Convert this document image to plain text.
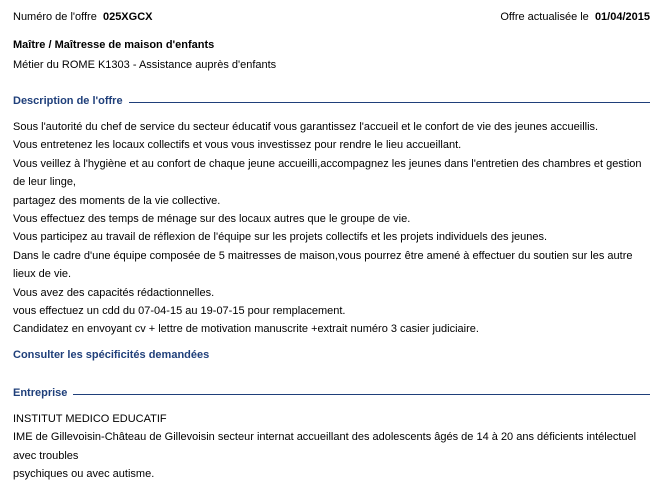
Numéro de l'offre 025XGCX	Offre actualisée le 01/04/2015
Maître / Maîtresse de maison d'enfants
Métier du ROME K1303 - Assistance auprès d'enfants
Description de l'offre
Sous l'autorité du chef de service du secteur éducatif vous garantissez l'accueil et le confort de vie des jeunes accueillis.
Vous entretenez les locaux collectifs et vous vous investissez pour rendre le lieu accueillant.
Vous veillez à l'hygiène et au confort de chaque jeune accueilli,accompagnez les jeunes dans l'entretien des chambres et gestion
de leur linge,
partagez des moments de la vie collective.
Vous effectuez des temps de ménage sur des locaux autres que le groupe de vie.
Vous participez au travail de réflexion de l'équipe sur les projets collectifs et les projets individuels des jeunes.
Dans le cadre d'une équipe composée de 5 maitresses de maison,vous pourrez être amené à effectuer du soutien sur les autre
lieux de vie.
Vous avez des capacités rédactionnelles.
vous effectuez un cdd du 07-04-15 au 19-07-15 pour remplacement.
Candidatez en envoyant cv + lettre de motivation manuscrite +extrait numéro 3 casier judiciaire.
Consulter les spécificités demandées
Entreprise
INSTITUT MEDICO EDUCATIF
IME de Gillevoisin-Château de Gillevoisin secteur internat accueillant des adolescents âgés de 14 à 20 ans déficients intélectuel
avec troubles
psychiques ou avec autisme.
